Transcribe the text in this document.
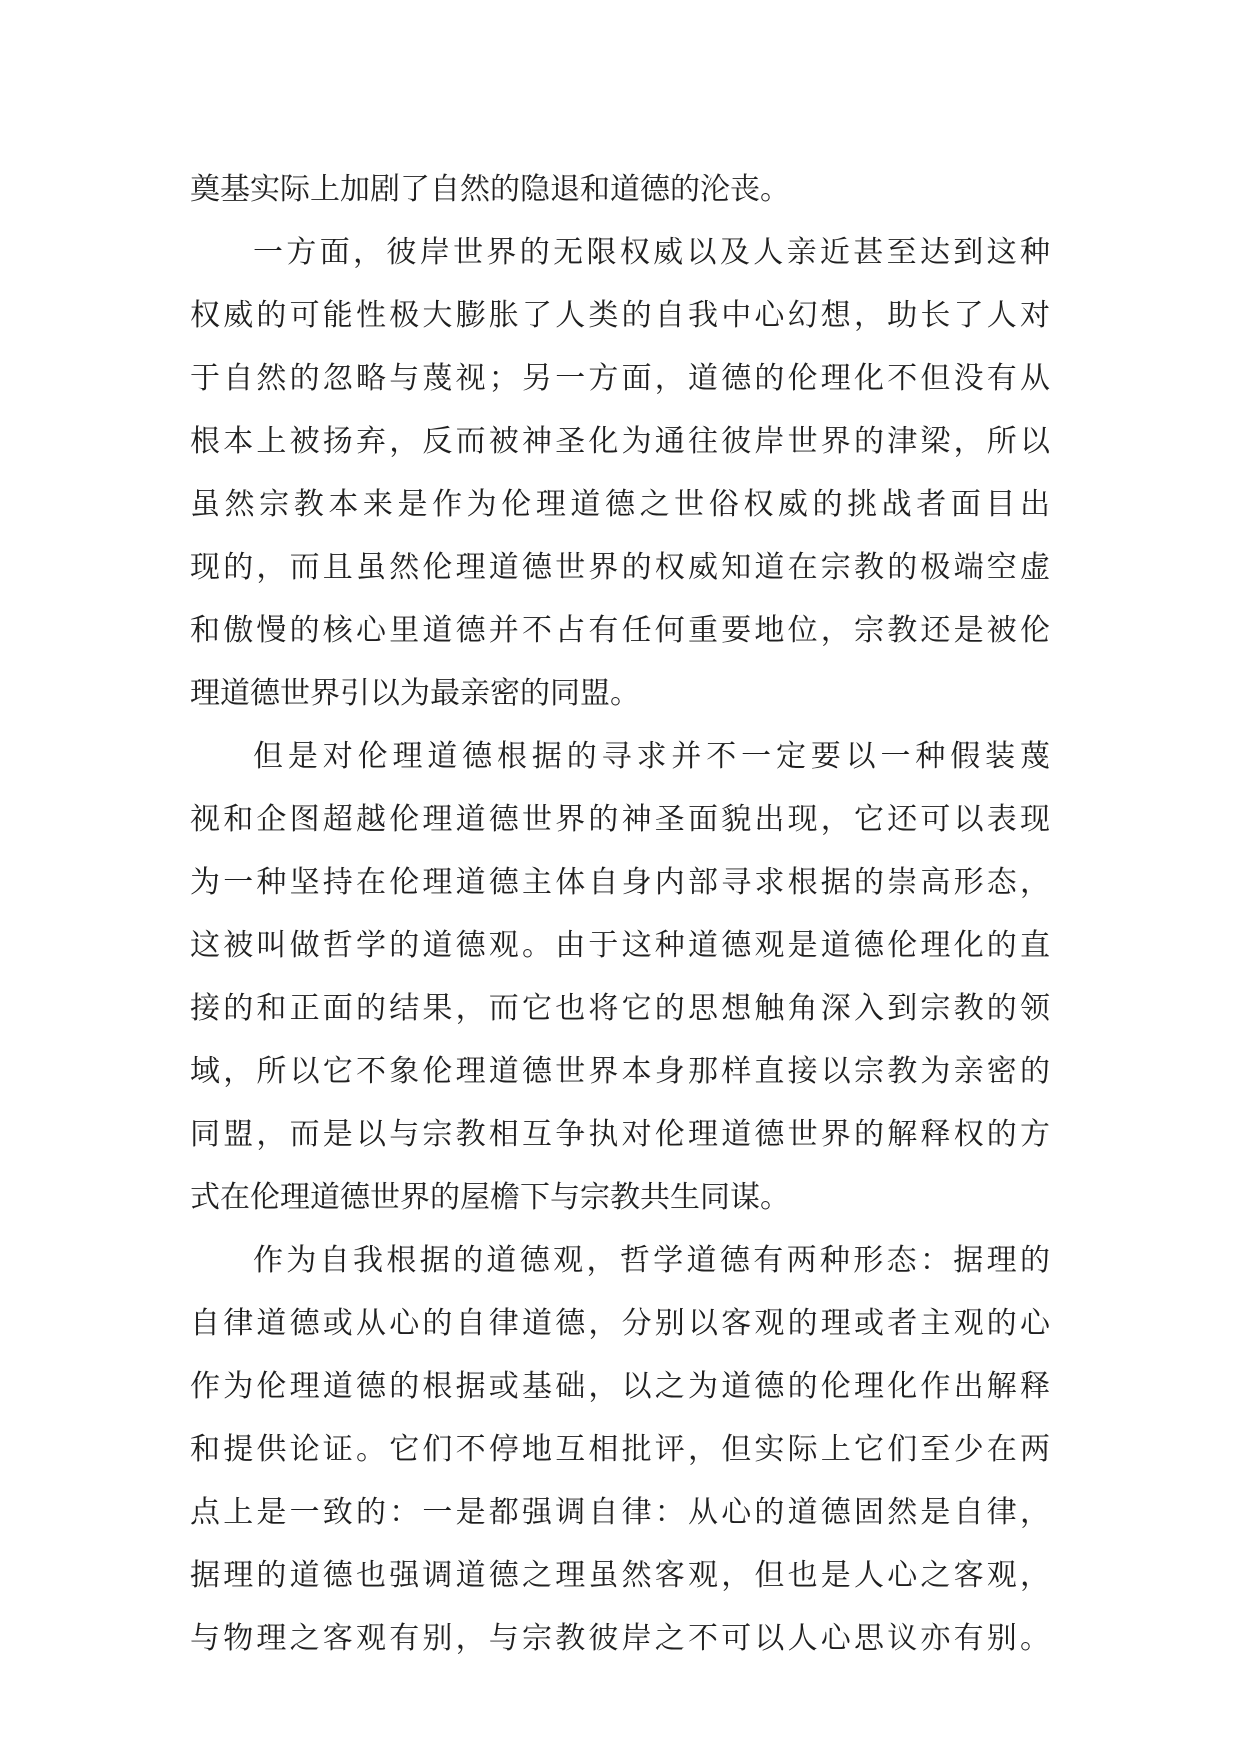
奠基实际上加剧了自然的隐退和道德的沦丧。
一方面，彼岸世界的无限权威以及人亲近甚至达到这种
权威的可能性极大膨胀了人类的自我中心幻想，助长了人对
于自然的忽略与蔑视；另一方面，道德的伦理化不但没有从
根本上被扬弃，反而被神圣化为通往彼岸世界的津梁，所以
虽然宗教本来是作为伦理道德之世俗权威的挑战者面目出
现的，而且虽然伦理道德世界的权威知道在宗教的极端空虚
和傲慢的核心里道德并不占有任何重要地位，宗教还是被伦
理道德世界引以为最亲密的同盟。
但是对伦理道德根据的寻求并不一定要以一种假装蔑
视和企图超越伦理道德世界的神圣面貌出现，它还可以表现
为一种坚持在伦理道德主体自身内部寻求根据的崇高形态，
这被叫做哲学的道德观。由于这种道德观是道德伦理化的直
接的和正面的结果，而它也将它的思想触角深入到宗教的领
域，所以它不象伦理道德世界本身那样直接以宗教为亲密的
同盟，而是以与宗教相互争执对伦理道德世界的解释权的方
式在伦理道德世界的屋檐下与宗教共生同谋。
作为自我根据的道德观，哲学道德有两种形态：据理的
自律道德或从心的自律道德，分别以客观的理或者主观的心
作为伦理道德的根据或基础，以之为道德的伦理化作出解释
和提供论证。它们不停地互相批评，但实际上它们至少在两
点上是一致的：一是都强调自律：从心的道德固然是自律，
据理的道德也强调道德之理虽然客观，但也是人心之客观，
与物理之客观有别，与宗教彼岸之不可以人心思议亦有别。
